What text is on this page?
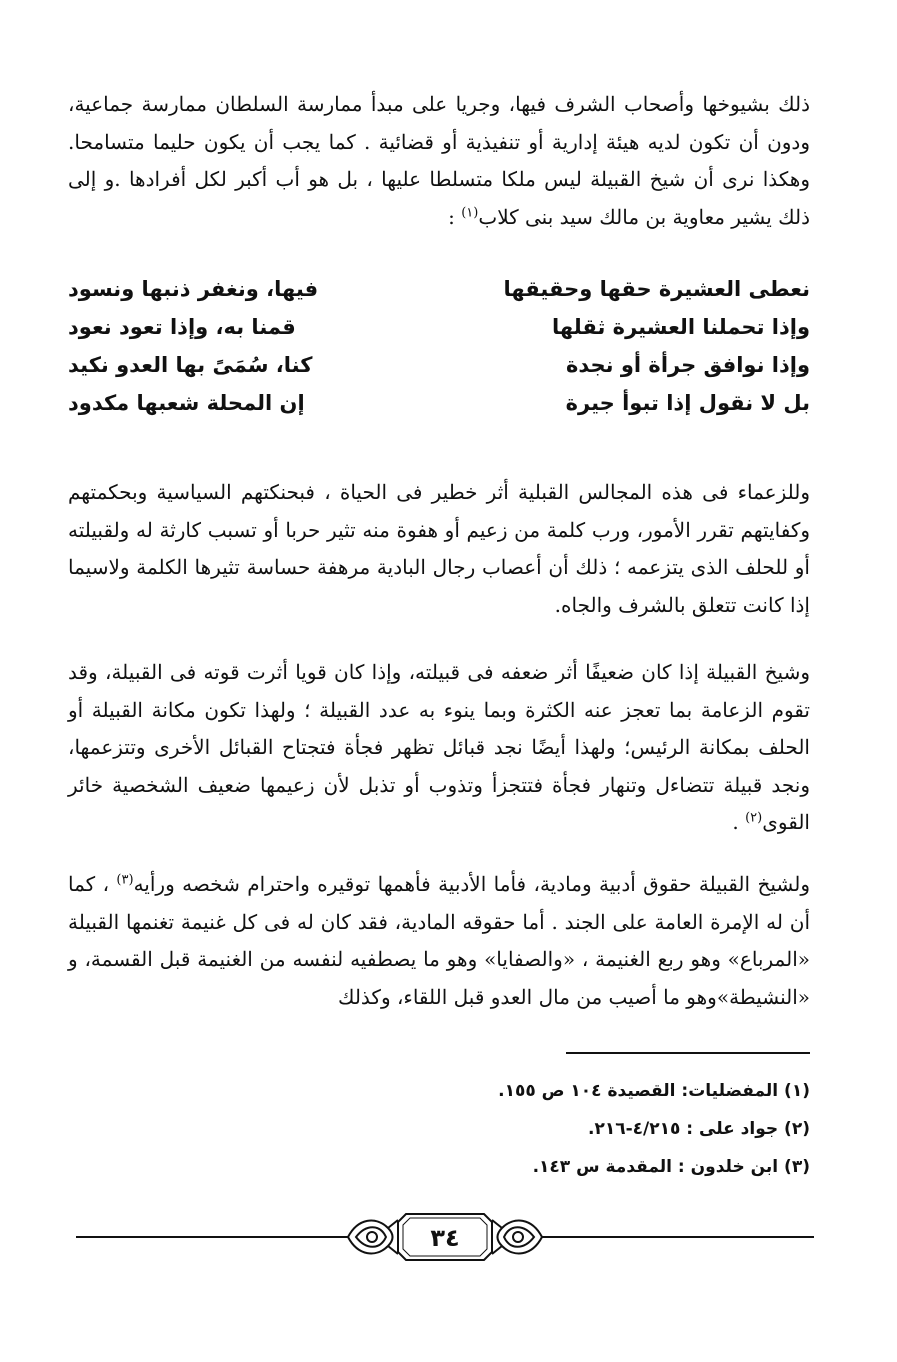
ذلك بشيوخها وأصحاب الشرف فيها، وجريا على مبدأ ممارسة السلطان ممارسة جماعية، ودون أن تكون لديه هيئة إدارية أو تنفيذية أو قضائية . كما يجب أن يكون حليما متسامحا. وهكذا نرى أن شيخ القبيلة ليس ملكا متسلطا عليها ، بل هو أب أكبر لكل أفرادها .و إلى ذلك يشير معاوية بن مالك سيد بنى كلاب$^{(١)}$ :

نعطى العشيرة حقها وحقيقها
فيها، ونغفر ذنبها ونسود
وإذا تحملنا العشيرة ثقلها
قمنا به، وإذا تعود نعود
وإذا نوافق جرأة أو نجدة
كنا، سُمَىً بها العدو نكيد
بل لا نقول إذا تبوأ جيرة
إن المحلة شعبها مكدود

وللزعماء فى هذه المجالس القبلية أثر خطير فى الحياة ، فبحنكتهم السياسية وبحكمتهم وكفايتهم تقرر الأمور، ورب كلمة من زعيم أو هفوة منه تثير حربا أو تسبب كارثة له ولقبيلته أو للحلف الذى يتزعمه ؛ ذلك أن أعصاب رجال البادية مرهفة حساسة تثيرها الكلمة ولاسيما إذا كانت تتعلق بالشرف والجاه.

وشيخ القبيلة إذا كان ضعيفًا أثر ضعفه فى قبيلته، وإذا كان قويا أثرت قوته فى القبيلة، وقد تقوم الزعامة بما تعجز عنه الكثرة وبما ينوء به عدد القبيلة ؛ ولهذا تكون مكانة القبيلة أو الحلف بمكانة الرئيس؛ ولهذا أيضًا نجد قبائل تظهر فجأة فتجتاح القبائل الأخرى وتتزعمها، ونجد قبيلة تتضاءل وتنهار فجأة فتتجزأ وتذوب أو تذبل لأن زعيمها ضعيف الشخصية خائر القوى$^{(٢)}$ .

ولشيخ القبيلة حقوق أدبية ومادية، فأما الأدبية فأهمها توقيره واحترام شخصه ورأيه$^{(٣)}$ ، كما أن له الإمرة العامة على الجند . أما حقوقه المادية، فقد كان له فى كل غنيمة تغنمها القبيلة «المرباع» وهو ربع الغنيمة ، «والصفايا» وهو ما يصطفيه لنفسه من الغنيمة قبل القسمة، و «النشيطة»وهو ما أصيب من مال العدو قبل اللقاء، وكذلك

(١) المفضليات: القصيدة ١٠٤ ص ١٥٥.
(٢) جواد على : ٤/٢١٥-٢١٦.
(٣) ابن خلدون : المقدمة س ١٤٣.
٣٤
